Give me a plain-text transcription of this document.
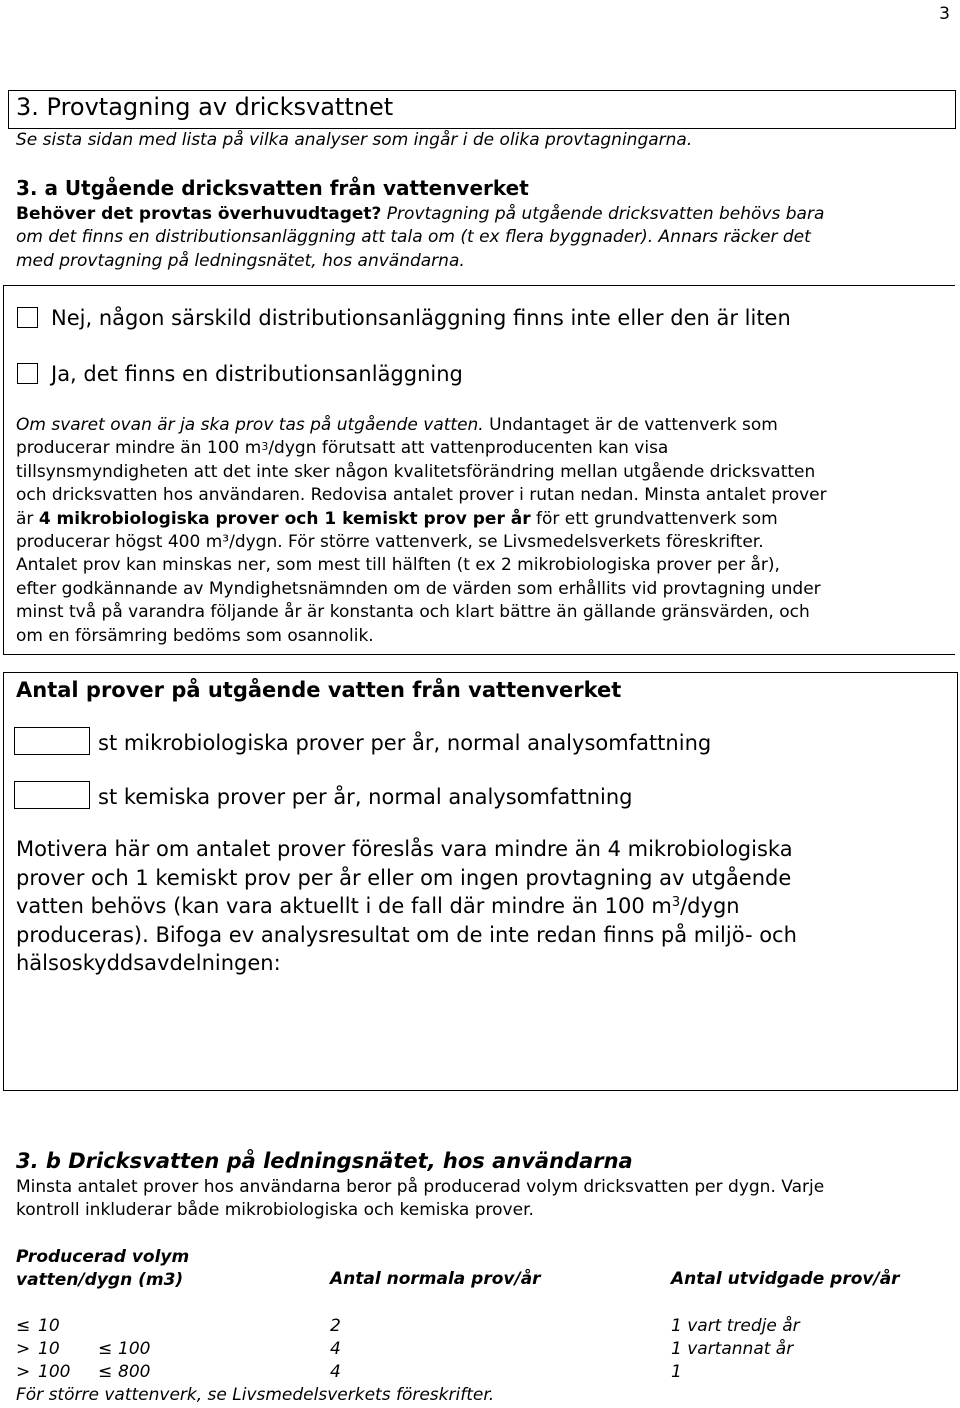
3
3. Provtagning av dricksvattnet
Se sista sidan med lista på vilka analyser som ingår i de olika provtagningarna.
3. a Utgående dricksvatten från vattenverket
Behöver det provtas överhuvudtaget? Provtagning på utgående dricksvatten behövs bara
om det finns en distributionsanläggning att tala om (t ex flera byggnader). Annars räcker det
med provtagning på ledningsnätet, hos användarna.
Nej, någon särskild distributionsanläggning finns inte eller den är liten
Ja, det finns en distributionsanläggning
Om svaret ovan är ja ska prov tas på utgående vatten. Undantaget är de vattenverk som
producerar mindre än 100 $m^3$/dygn förutsatt att vattenproducenten kan visa
tillsynsmyndigheten att det inte sker någon kvalitetsförändring mellan utgående dricksvatten
och dricksvatten hos användaren. Redovisa antalet prover i rutan nedan. Minsta antalet prover
är 4 mikrobiologiska prover och 1 kemiskt prov per år för ett grundvattenverk som
producerar högst 400 m³/dygn. För större vattenverk, se Livsmedelsverkets föreskrifter.
Antalet prov kan minskas ner, som mest till hälften (t ex 2 mikrobiologiska prover per år),
efter godkännande av Myndighetsnämnden om de värden som erhållits vid provtagning under
minst två på varandra följande år är konstanta och klart bättre än gällande gränsvärden, och
om en försämring bedöms som osannolik.
Antal prover på utgående vatten från vattenverket
st mikrobiologiska prover per år, normal analysomfattning
st kemiska prover per år, normal analysomfattning
Motivera här om antalet prover föreslås vara mindre än 4 mikrobiologiska
prover och 1 kemiskt prov per år eller om ingen provtagning av utgående
vatten behövs (kan vara aktuellt i de fall där mindre än 100 $m^3$/dygn
produceras). Bifoga ev analysresultat om de inte redan finns på miljö- och
hälsoskyddsavdelningen:
3. b Dricksvatten på ledningsnätet, hos användarna
Minsta antalet prover hos användarna beror på producerad volym dricksvatten per dygn. Varje
kontroll inkluderar både mikrobiologiska och kemiska prover.
Producerad volym
vatten/dygn (m3)	Antal normala prov/år	Antal utvidgade prov/år
≤ 10	2	1 vart tredje år
> 10 ≤ 100	4	1 vartannat år
> 100 ≤ 800	4	1
För större vattenverk, se Livsmedelsverkets föreskrifter.
